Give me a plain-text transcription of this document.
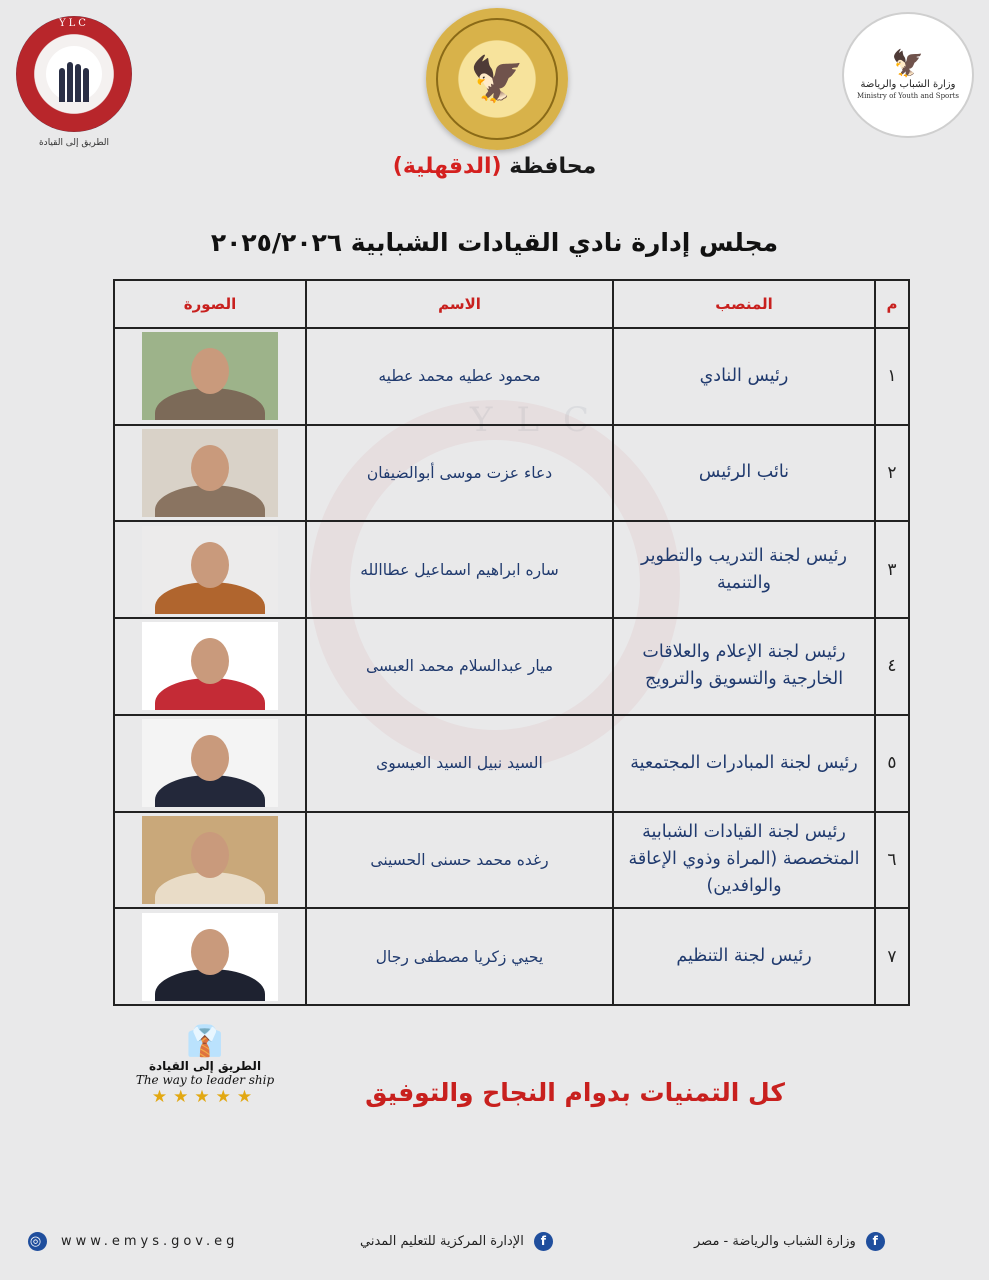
YLC
الطريق إلى القيادة
🦅	🦅
وزارة الشباب والرياضة
Ministry of Youth and Sports
محافظة (الدقهلية)
مجلس إدارة نادي القيادات الشبابية ٢٠٢٥/٢٠٢٦
YLC
م	المنصب	الاسم	الصورة
١	رئيس النادي	محمود عطيه محمد عطيه	

٢	نائب الرئيس	دعاء عزت موسى أبوالضيفان	

٣	رئيس لجنة التدريب والتطوير والتنمية	ساره ابراهيم اسماعيل عطاالله	

٤	رئيس لجنة الإعلام والعلاقات الخارجية والتسويق والترويج	ميار عبدالسلام محمد العبسى	

٥	رئيس لجنة المبادرات المجتمعية	السيد نبيل السيد العيسوى	

٦	رئيس لجنة القيادات الشبابية المتخصصة (المراة وذوي الإعاقة والوافدين)	رغده محمد حسنى الحسينى	

٧	رئيس لجنة التنظيم	يحيي زكريا مصطفى رجال	
كل التمنيات بدوام النجاح والتوفيق
👔
الطريق إلى القيادة
The way to leader ship
★★★★★
◎ www.emys.gov.eg	f
الإدارة المركزية للتعليم المدني	f
وزارة الشباب والرياضة - مصر
